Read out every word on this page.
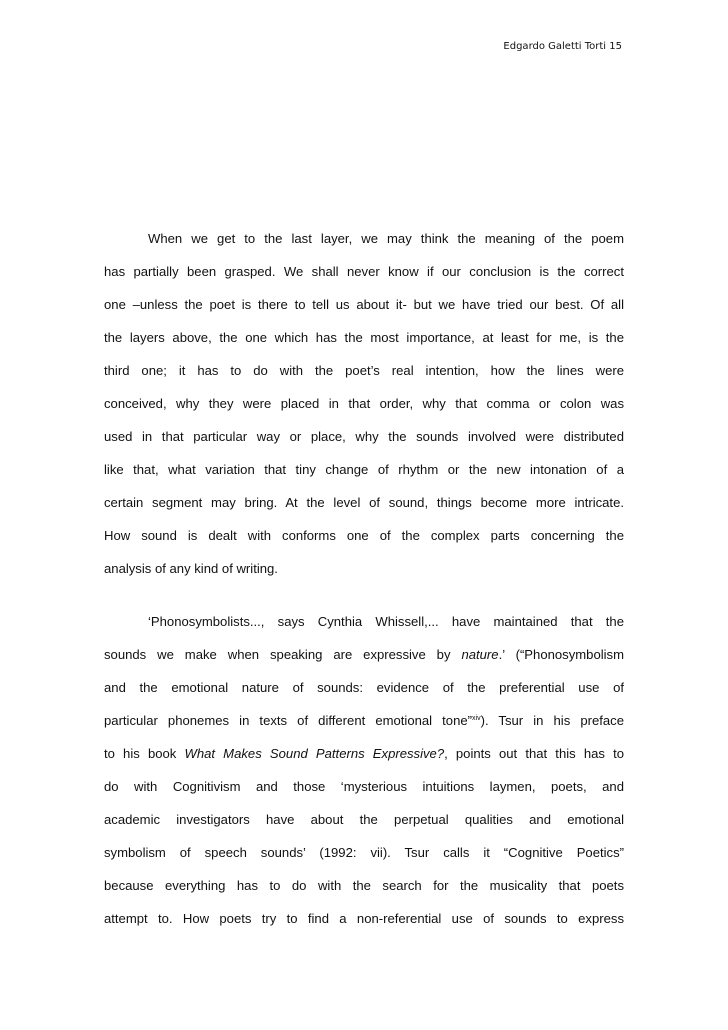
Edgardo Galetti Torti 15
When we get to the last layer, we may think the meaning of the poem
has partially been grasped. We shall never know if our conclusion is the correct
one –unless the poet is there to tell us about it- but we have tried our best. Of all
the layers above, the one which has the most importance, at least for me, is the
third one; it has to do with the poet’s real intention, how the lines were
conceived, why they were placed in that order, why that comma or colon was
used in that particular way or place, why the sounds involved were distributed
like that, what variation that tiny change of rhythm or the new intonation of a
certain segment may bring. At the level of sound, things become more intricate.
How sound is dealt with conforms one of the complex parts concerning the
analysis of any kind of writing.
‘Phonosymbolists..., says Cynthia Whissell,... have maintained that the
sounds we make when speaking are expressive by nature.’ (“Phonosymbolism
and the emotional nature of sounds: evidence of the preferential use of
particular phonemes in texts of different emotional tone”$^{xiv}$). Tsur in his preface
to his book What Makes Sound Patterns Expressive?, points out that this has to
do with Cognitivism and those ‘mysterious intuitions laymen, poets, and
academic investigators have about the perpetual qualities and emotional
symbolism of speech sounds’ (1992: vii). Tsur calls it “Cognitive Poetics”
because everything has to do with the search for the musicality that poets
attempt to. How poets try to find a non-referential use of sounds to express
